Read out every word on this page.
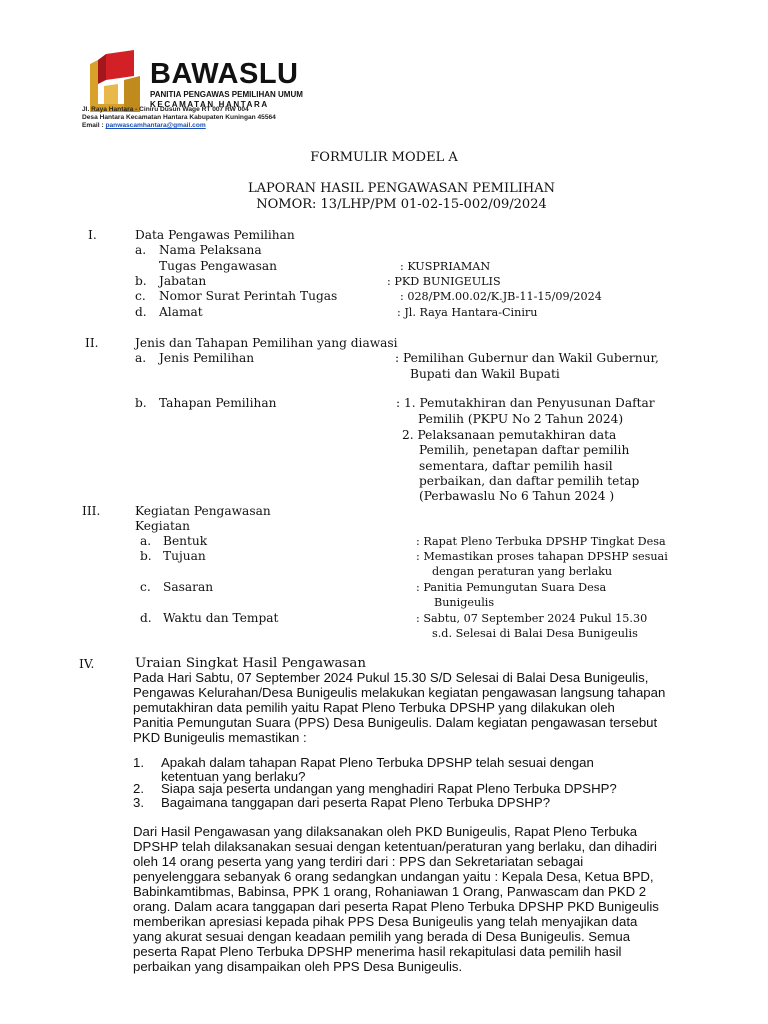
BAWASLU
PANITIA PENGAWAS PEMILIHAN UMUM
KECAMATAN HANTARA
Jl. Raya Hantara - Ciniru Dusun Wage RT 007 RW 004
Desa Hantara Kecamatan Hantara Kabupaten Kuningan 45564
Email : panwascamhantara@gmail.com
FORMULIR MODEL A
LAPORAN HASIL PENGAWASAN PEMILIHAN
NOMOR: 13/LHP/PM 01-02-15-002/09/2024
I.	Data Pengawas Pemilihan
a. Nama Pelaksana
Tugas Pengawasan	: KUSPRIAMAN
b. Jabatan	: PKD BUNIGEULIS
c. Nomor Surat Perintah Tugas	: 028/PM.00.02/K.JB-11-15/09/2024
d. Alamat	: Jl. Raya Hantara-Ciniru
II.	Jenis dan Tahapan Pemilihan yang diawasi
a. Jenis Pemilihan	: Pemilihan Gubernur dan Wakil Gubernur,
Bupati dan Wakil Bupati
b. Tahapan Pemilihan	: 1. Pemutakhiran dan Penyusunan Daftar
Pemilih (PKPU No 2 Tahun 2024)
2. Pelaksanaan pemutakhiran data
Pemilih, penetapan daftar pemilih
sementara, daftar pemilih hasil
perbaikan, dan daftar pemilih tetap
(Perbawaslu No 6 Tahun 2024 )
III.	Kegiatan Pengawasan
Kegiatan
a. Bentuk	: Rapat Pleno Terbuka DPSHP Tingkat Desa
b. Tujuan	: Memastikan proses tahapan DPSHP sesuai
dengan peraturan yang berlaku
c. Sasaran	: Panitia Pemungutan Suara Desa
Bunigeulis
d. Waktu dan Tempat	: Sabtu, 07 September 2024 Pukul 15.30
s.d. Selesai di Balai Desa Bunigeulis
IV.	Uraian Singkat Hasil Pengawasan
Pada Hari Sabtu, 07 September 2024 Pukul 15.30 S/D Selesai di Balai Desa Bunigeulis,
Pengawas Kelurahan/Desa Bunigeulis melakukan kegiatan pengawasan langsung tahapan
pemutakhiran data pemilih yaitu Rapat Pleno Terbuka DPSHP yang dilakukan oleh
Panitia Pemungutan Suara (PPS) Desa Bunigeulis. Dalam kegiatan pengawasan tersebut
PKD Bunigeulis memastikan :
1. Apakah dalam tahapan Rapat Pleno Terbuka DPSHP telah sesuai dengan
ketentuan yang berlaku?
2. Siapa saja peserta undangan yang menghadiri Rapat Pleno Terbuka DPSHP?
3. Bagaimana tanggapan dari peserta Rapat Pleno Terbuka DPSHP?
Dari Hasil Pengawasan yang dilaksanakan oleh PKD Bunigeulis, Rapat Pleno Terbuka
DPSHP telah dilaksanakan sesuai dengan ketentuan/peraturan yang berlaku, dan dihadiri
oleh 14 orang peserta yang yang terdiri dari : PPS dan Sekretariatan sebagai
penyelenggara sebanyak 6 orang sedangkan undangan yaitu : Kepala Desa, Ketua BPD,
Babinkamtibmas, Babinsa, PPK 1 orang, Rohaniawan 1 Orang, Panwascam dan PKD 2
orang. Dalam acara tanggapan dari peserta Rapat Pleno Terbuka DPSHP PKD Bunigeulis
memberikan apresiasi kepada pihak PPS Desa Bunigeulis yang telah menyajikan data
yang akurat sesuai dengan keadaan pemilih yang berada di Desa Bunigeulis. Semua
peserta Rapat Pleno Terbuka DPSHP menerima hasil rekapitulasi data pemilih hasil
perbaikan yang disampaikan oleh PPS Desa Bunigeulis.
